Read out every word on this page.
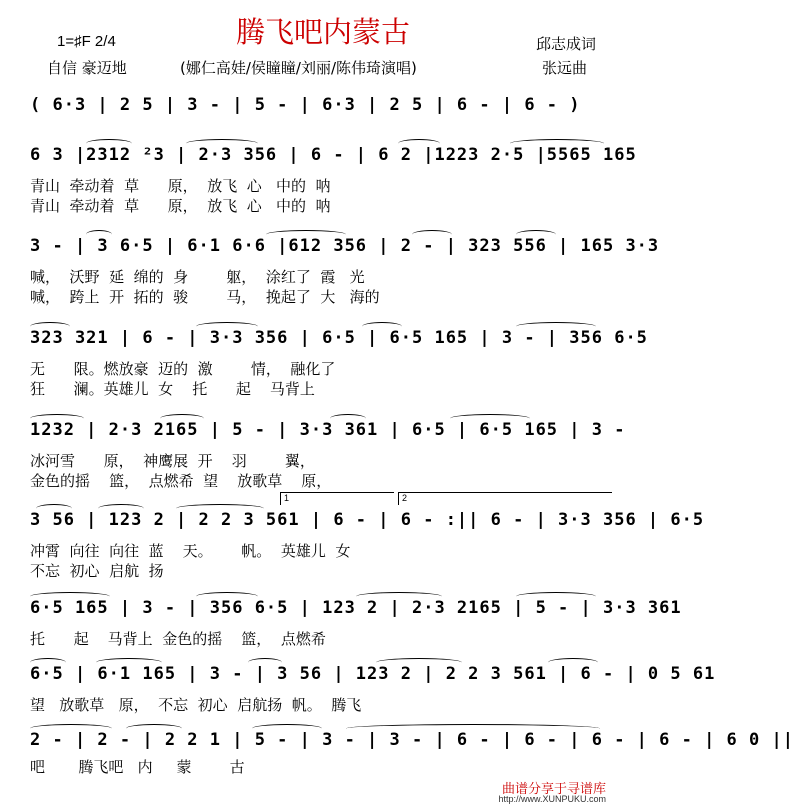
腾飞吧内蒙古
1=♯F 2/4
自信 豪迈地	(娜仁高娃/侯瞳瞳/刘丽/陈伟琦演唱)
邱志成词
张远曲
( 6·3 | 2 5 | 3 - | 5 - | 6·3 | 2 5 | 6 - | 6 - )
6 3 |2312 ²3 | 2·3 356 | 6 - | 6 2 |1223 2·5 |5565 165
青山  牵动着  草      原，  放飞  心   中的  呐
青山  牵动着  草      原，  放飞  心   中的  呐
3 - | 3 6·5 | 6·1 6·6 |612 356 | 2 - | 323 556 | 165 3·3
喊，  沃野  延  绵的  身        躯，  涂红了  霞   光
喊，  跨上  开  拓的  骏        马，  挽起了  大   海的
323 321 | 6 - | 3·3 356 | 6·5 | 6·5 165 | 3 - | 356 6·5
无      限。燃放豪  迈的  激        情，  融化了
狂      澜。英雄儿  女    托      起    马背上
1232 | 2·3 2165 | 5 - | 3·3 361 | 6·5 | 6·5 165 | 3 -
冰河雪      原，  神鹰展  开    羽        翼，
金色的摇    篮，  点燃希  望    放歌草    原，
1	2
3 56 | 123 2 | 2 2 3 561 | 6 - | 6 - :|| 6 - | 3·3 356 | 6·5
冲霄  向往  向往  蓝    天。      帆。  英雄儿  女
不忘  初心  启航  扬
6·5 165 | 3 - | 356 6·5 | 123 2 | 2·3 2165 | 5 - | 3·3 361
托      起    马背上  金色的摇    篮，  点燃希
6·5 | 6·1 165 | 3 - | 3 56 | 123 2 | 2 2 3 561 | 6 - | 0 5 61
望   放歌草   原，  不忘  初心  启航扬  帆。  腾飞
2 - | 2 - | 2 2 1 | 5 - | 3 - | 3 - | 6 - | 6 - | 6 - | 6 - | 6 0 ||
吧       腾飞吧   内     蒙        古
曲谱分享于寻谱库
http://www.XUNPUKU.com
